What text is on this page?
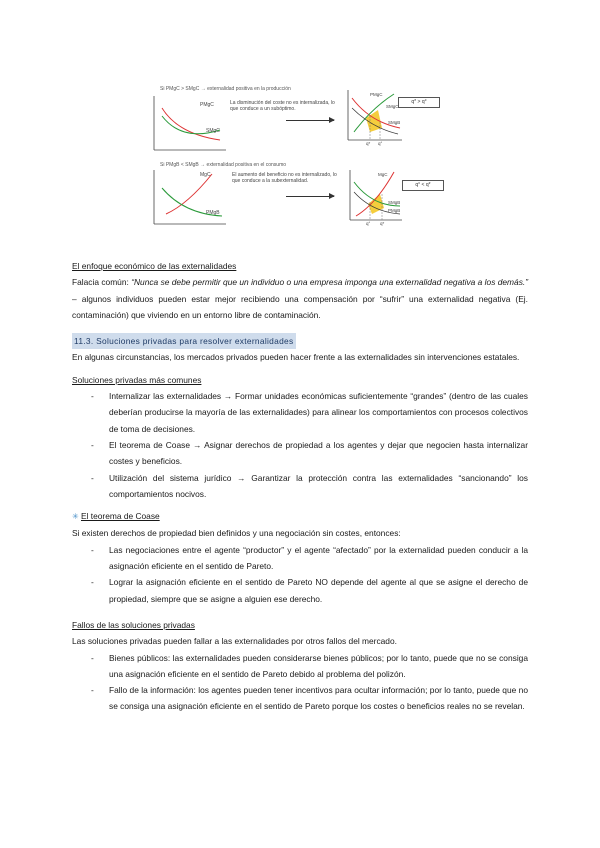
Si PMgC > SMgC → externalidad positiva en la producción
PMgC
SMgC
La disminución del coste no es internalizada, lo que conduce a un subóptimo.
PMgC
SMgC
SMgB
q* q°
q* > q°
Si PMgB < SMgB → externalidad positiva en el consumo
MgC
PMgB
El aumento del beneficio no es internalizado, lo que conduce a la subexternalidad.
MgC
SMgB
PMgB
q° q*
q° < q*
El enfoque económico de las externalidades
Falacia común: “Nunca se debe permitir que un individuo o una empresa imponga una externalidad negativa a los demás.” – algunos individuos pueden estar mejor recibiendo una compensación por “sufrir” una externalidad negativa (Ej. contaminación) que viviendo en un entorno libre de contaminación.
11.3. Soluciones privadas para resolver externalidades
En algunas circunstancias, los mercados privados pueden hacer frente a las externalidades sin intervenciones estatales.
Soluciones privadas más comunes
- Internalizar las externalidades → Formar unidades económicas suficientemente “grandes” (dentro de las cuales deberían producirse la mayoría de las externalidades) para alinear los comportamientos con procesos colectivos de toma de decisiones.
- El teorema de Coase → Asignar derechos de propiedad a los agentes y dejar que negocien hasta internalizar costes y beneficios.
- Utilización del sistema jurídico → Garantizar la protección contra las externalidades “sancionando” los comportamientos nocivos.
✳ El teorema de Coase
Si existen derechos de propiedad bien definidos y una negociación sin costes, entonces:
- Las negociaciones entre el agente “productor” y el agente “afectado” por la externalidad pueden conducir a la asignación eficiente en el sentido de Pareto.
- Lograr la asignación eficiente en el sentido de Pareto NO depende del agente al que se asigne el derecho de propiedad, siempre que se asigne a alguien ese derecho.
Fallos de las soluciones privadas
Las soluciones privadas pueden fallar a las externalidades por otros fallos del mercado.
- Bienes públicos: las externalidades pueden considerarse bienes públicos; por lo tanto, puede que no se consiga una asignación eficiente en el sentido de Pareto debido al problema del polizón.
- Fallo de la información: los agentes pueden tener incentivos para ocultar información; por lo tanto, puede que no se consiga una asignación eficiente en el sentido de Pareto porque los costes o beneficios reales no se revelan.
